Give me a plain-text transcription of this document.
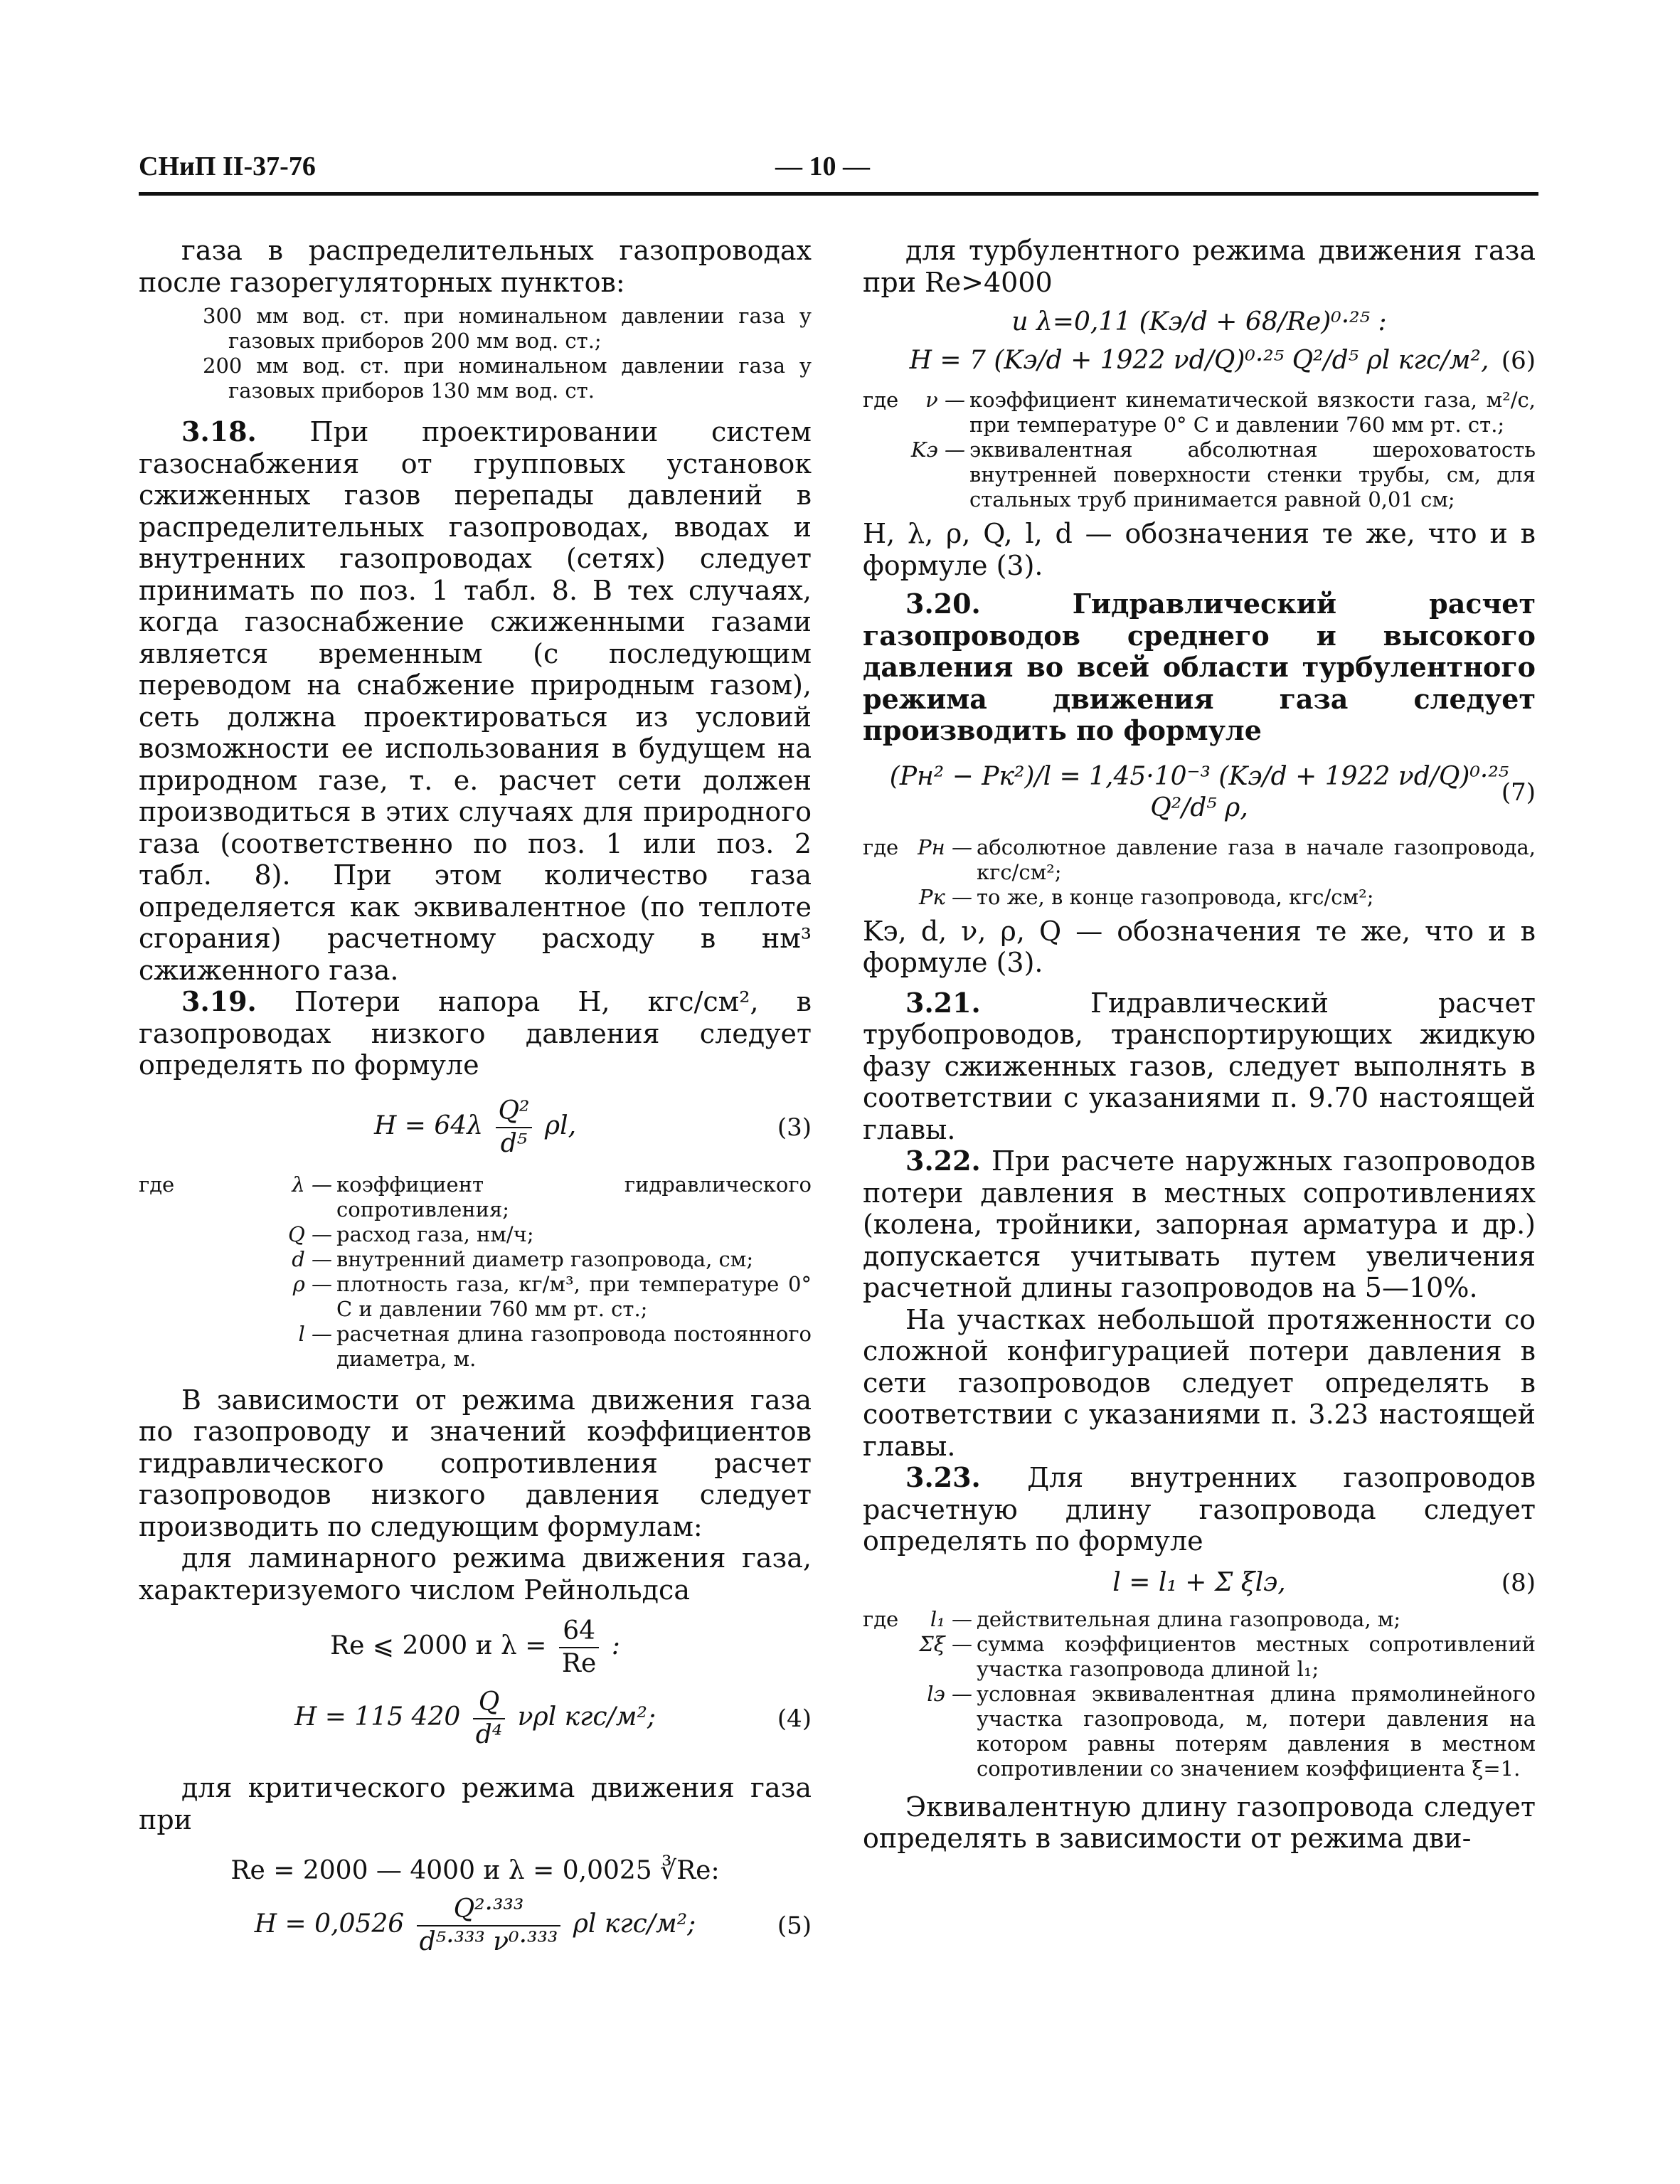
СНиП II-37-76	— 10 —

газа в распределительных газопроводах после газорегуляторных пунктов:

300 мм вод. ст. при номинальном давлении газа у газовых приборов 200 мм вод. ст.;

200 мм вод. ст. при номинальном давлении газа у газовых приборов 130 мм вод. ст.

3.18. При проектировании систем газоснабжения от групповых установок сжиженных газов перепады давлений в распределительных газопроводах, вводах и внутренних газопроводах (сетях) следует принимать по поз. 1 табл. 8. В тех случаях, когда газоснабжение сжиженными газами является временным (с последующим переводом на снабжение природным газом), сеть должна проектироваться из условий возможности ее использования в будущем на природном газе, т. е. расчет сети должен производиться в этих случаях для природного газа (соответственно по поз. 1 или поз. 2 табл. 8). При этом количество газа определяется как эквивалентное (по теплоте сгорания) расчетному расходу в нм³ сжиженного газа.

3.19. Потери напора H, кгс/см², в газопроводах низкого давления следует определять по формуле

$H = 64\lambda \frac{\text{Q²}}{\text{d⁵}} \rho l$,	(3)
где	λ — коэффициент гидравлического сопротивления;
Q — расход газа, нм/ч;
d — внутренний диаметр газопровода, см;
ρ — плотность газа, кг/м³, при температуре 0° С и давлении 760 мм рт. ст.;
l — расчетная длина газопровода постоянного диаметра, м.

В зависимости от режима движения газа по газопроводу и значений коэффициентов гидравлического сопротивления расчет газопроводов низкого давления следует производить по следующим формулам:

для ламинарного режима движения газа, характеризуемого числом Рейнольдса

Re ⩽ 2000 и $\lambda = \frac{64}{Re}$ :
H = 115 $420 \frac{Q}{\text{d⁴}}$ νρl кгс/м²;	(4)

для критического режима движения газа при

Re = 2000 — 4000 и λ = 0,0025 ∛Re:
$H = 0,0526 \frac{\text{Q²·³³³}}{\text{d⁵·³³³ ν⁰·³³³}}$ ρl кгс/м²;	(5)

для турбулентного режима движения газа при Re>4000

и λ=0,11 (Kэ/d + 68/Re)⁰·²⁵ :
H = 7 (Kэ/d + 1922 νd/Q)⁰·²⁵ Q²/d⁵ ρl кгс/м², (6)
где	ν — коэффициент кинематической вязкости газа, м²/с, при температуре 0° С и давлении 760 мм рт. ст.;
Kэ — эквивалентная абсолютная шероховатость внутренней поверхности стенки трубы, см, для стальных труб принимается равной 0,01 см;

H, λ, ρ, Q, l, d — обозначения те же, что и в формуле (3).

3.20.	Гидравлический расчет газопроводов среднего и высокого давления во всей области турбулентного режима движения газа следует производить по формуле

(Pн² − Pк²)/l = 1,45·10⁻³ (Kэ/d + 1922 νd/Q)⁰·²⁵ Q²/d⁵ ρ,
(7)
где Pн — абсолютное давление газа в начале газопровода, кгс/см²;
Pк — то же, в конце газопровода, кгс/см²;

Kэ, d, ν, ρ, Q — обозначения те же, что и в формуле (3).

3.21.	Гидравлический расчет трубопроводов, транспортирующих жидкую фазу сжиженных газов, следует выполнять в соответствии с указаниями п. 9.70 настоящей главы.

3.22. При расчете наружных газопроводов потери давления в местных сопротивлениях (колена, тройники, запорная арматура и др.) допускается учитывать путем увеличения расчетной длины газопроводов на 5—10%.

На участках небольшой протяженности со сложной конфигурацией потери давления в сети газопроводов следует определять в соответствии с указаниями п. 3.23 настоящей главы.

3.23. Для внутренних газопроводов расчетную длину газопровода следует определять по формуле

l = l₁ + Σ ξlэ,	(8)
где	l₁ — действительная длина газопровода, м;
Σξ — сумма коэффициентов местных сопротивлений участка газопровода длиной l₁;
lэ — условная эквивалентная длина прямолинейного участка газопровода, м, потери давления на котором равны потерям давления в местном сопротивлении со значением коэффициента ξ=1.

Эквивалентную длину газопровода следует определять в зависимости от режима дви-
